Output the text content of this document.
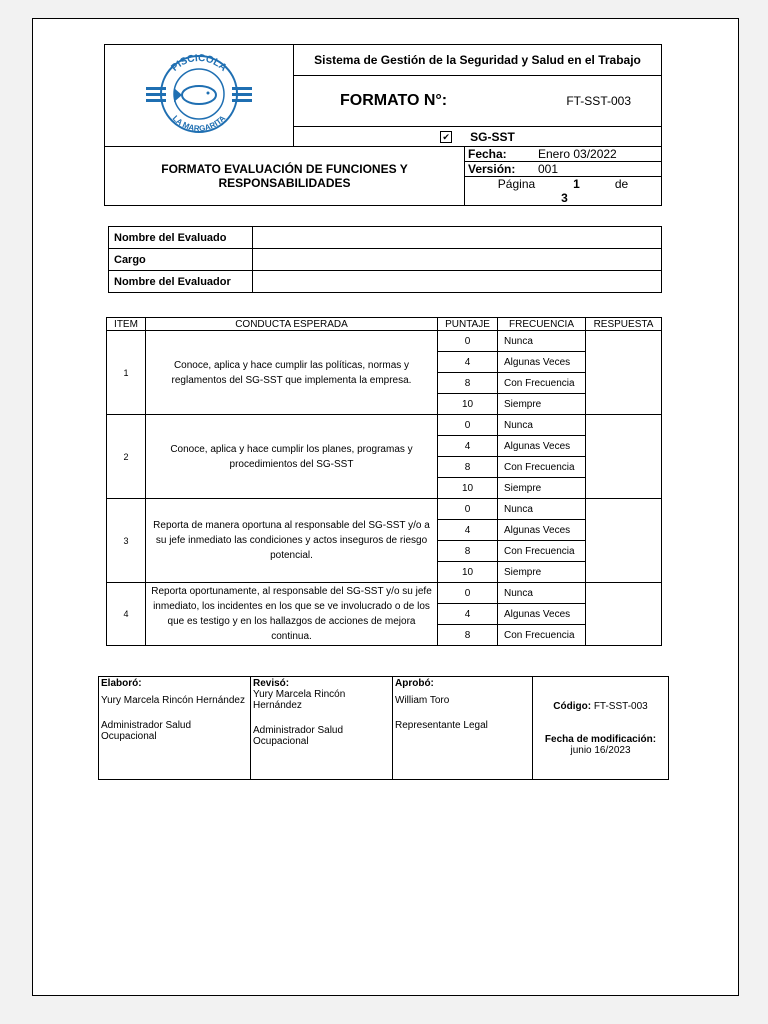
PISCICOLA
LA MARGARITA	Sistema de Gestión de la Seguridad y Salud en el Trabajo	

	FORMATO N°: FT-SST-003	

	✔ SG-SST	

FORMATO EVALUACIÓN DE FUNCIONES Y
RESPONSABILIDADES		Fecha: Enero 03/2022
		Versión: 001
		Página 1 de 3
Nombre del Evaluado	
Cargo	
Nombre del Evaluador	
ITEM	CONDUCTA ESPERADA	PUNTAJE	FRECUENCIA	RESPUESTA
1	Conoce, aplica y hace cumplir las políticas, normas y reglamentos del SG-SST que implementa la empresa.	0	Nunca	
		4	Algunas Veces	
		8	Con Frecuencia	
		10	Siempre	
2	Conoce, aplica y hace cumplir los planes, programas y procedimientos del SG-SST	0	Nunca	
		4	Algunas Veces	
		8	Con Frecuencia	
		10	Siempre	
3	Reporta de manera oportuna al responsable del SG-SST y/o a su jefe inmediato las condiciones y actos inseguros de riesgo potencial.	0	Nunca	
		4	Algunas Veces	
		8	Con Frecuencia	
		10	Siempre	
4	Reporta oportunamente, al responsable del SG-SST y/o su jefe inmediato, los incidentes en los que se ve involucrado o de los que es testigo y en los hallazgos de acciones de mejora continua.	0	Nunca	
		4	Algunas Veces	
		8	Con Frecuencia	
Elaboró:
Yury Marcela Rincón Hernández
Administrador Salud Ocupacional	
Revisó:
Yury Marcela Rincón Hernández
Administrador Salud Ocupacional	
Aprobó:
William Toro
Representante Legal	
Código: FT-SST-003
Fecha de modificación:
junio 16/2023
